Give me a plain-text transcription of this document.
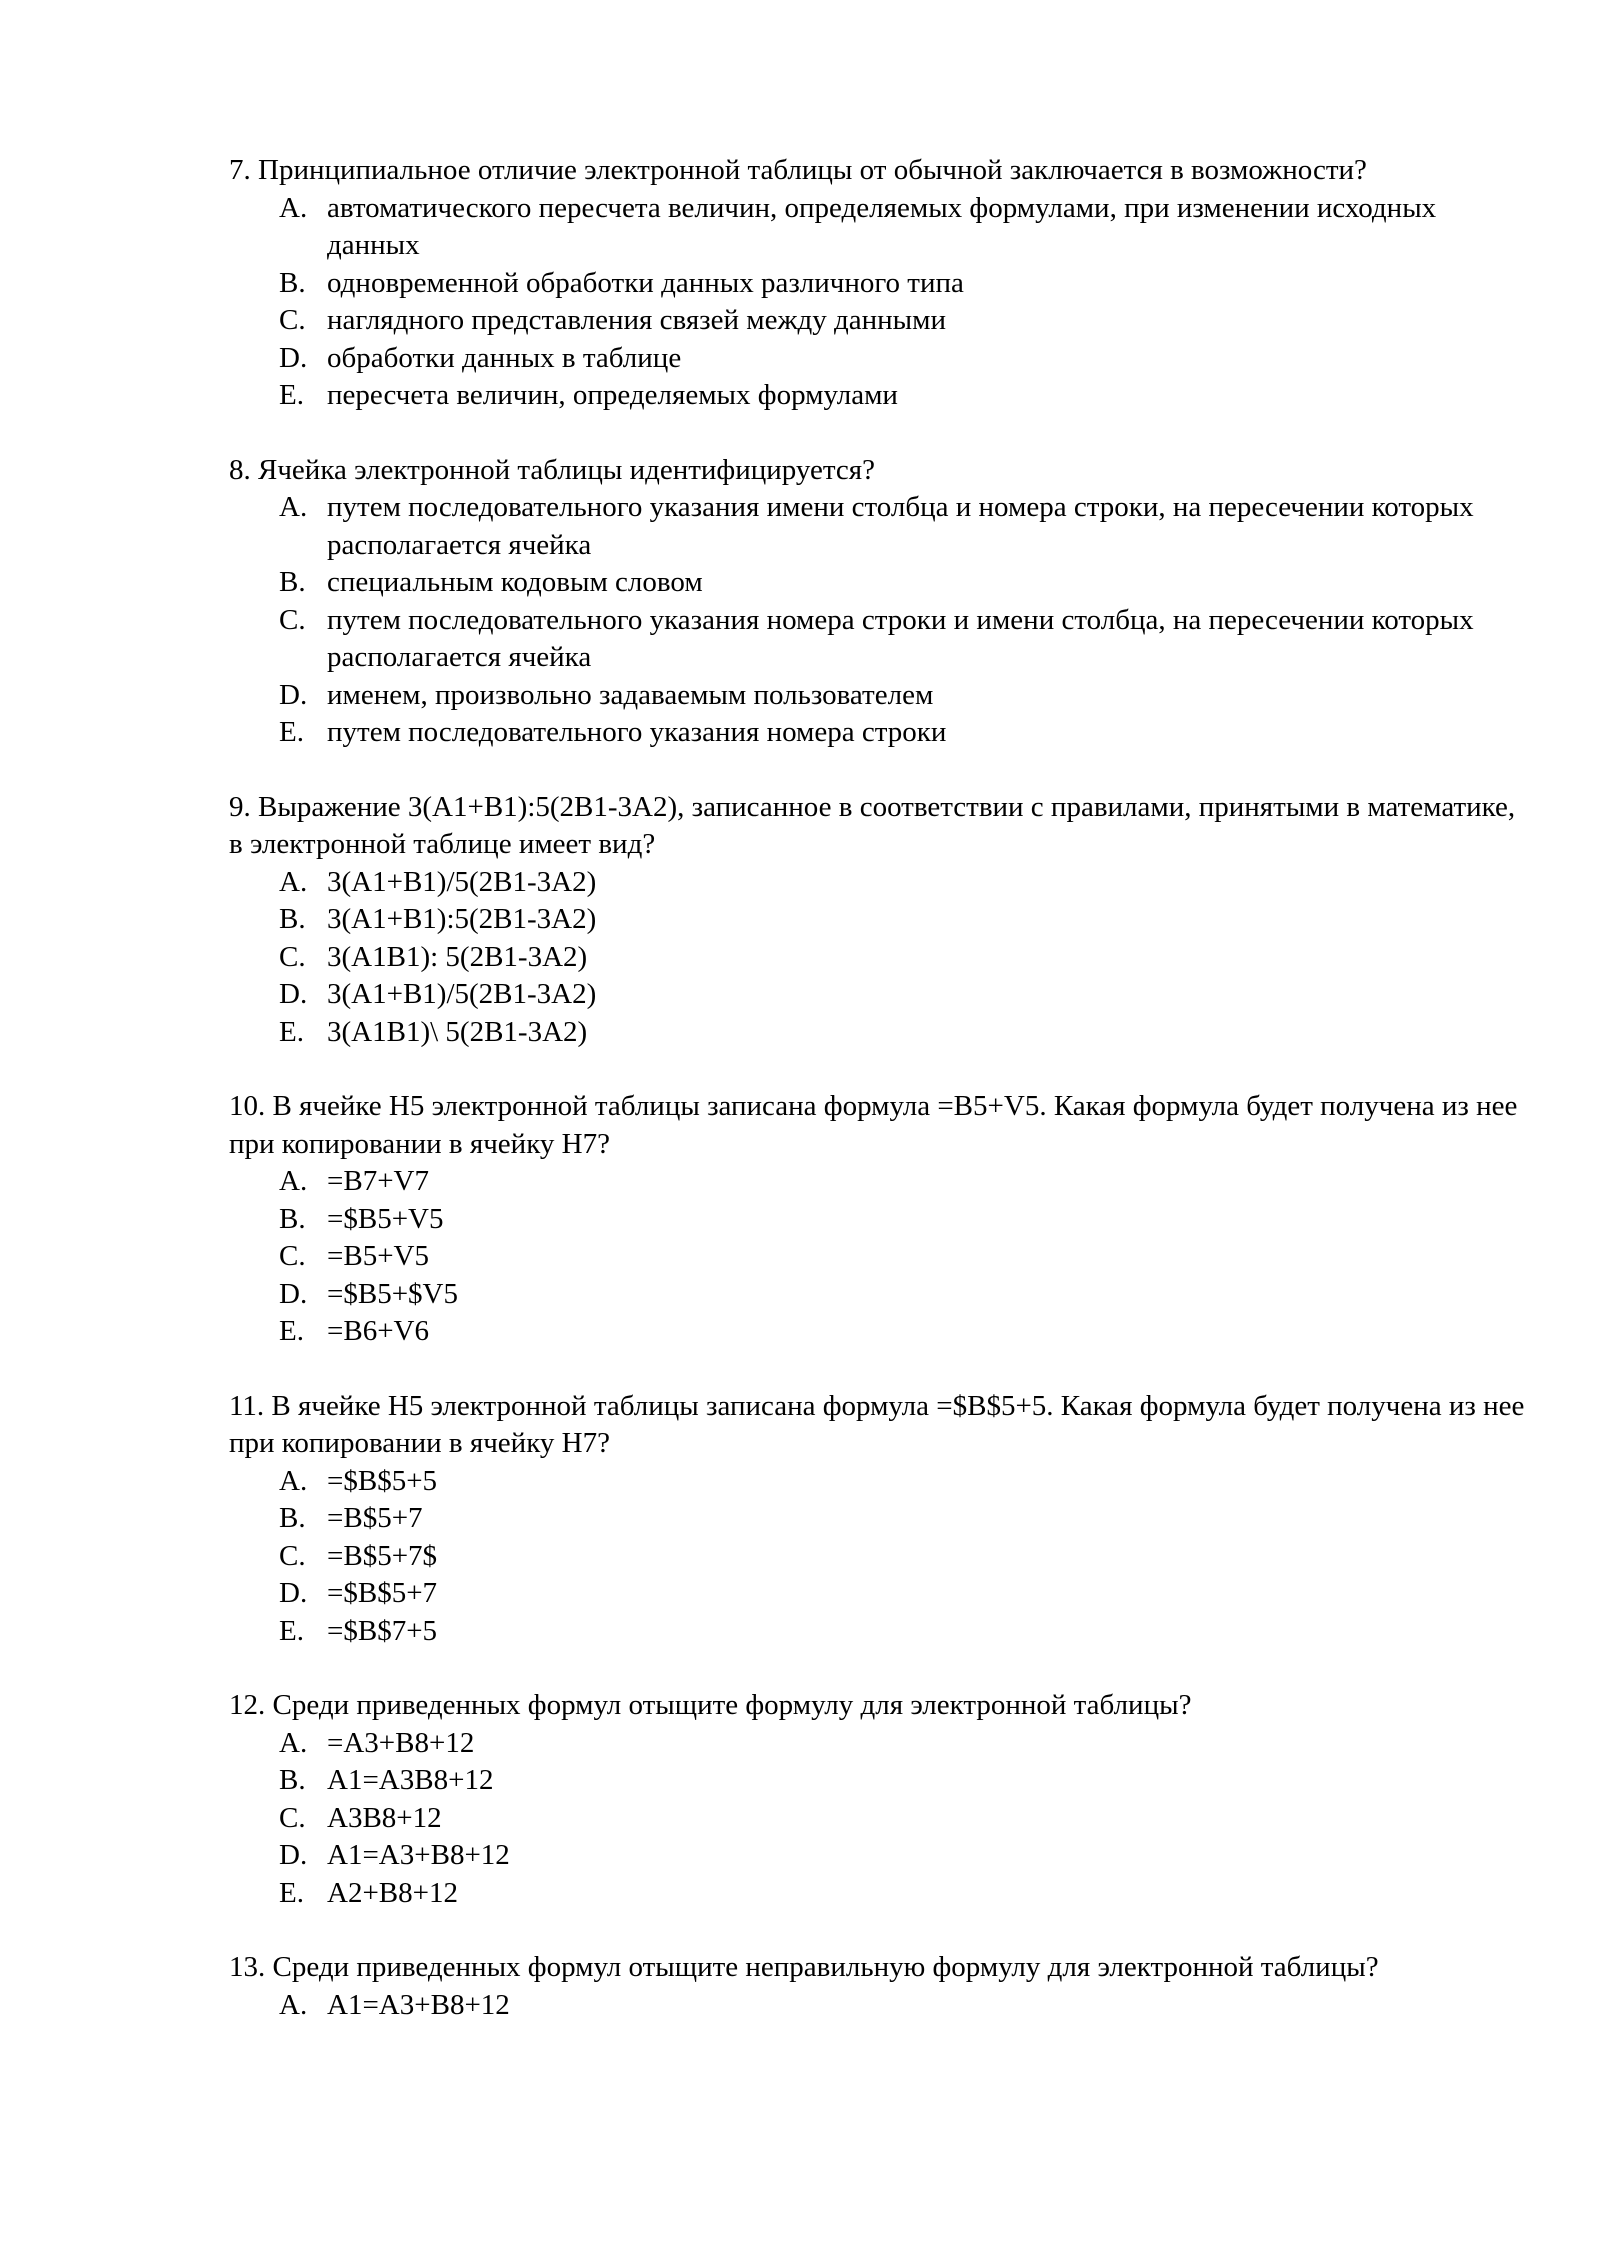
7. Принципиальное отличие электронной таблицы от обычной заключается в возможности?

A. автоматического пересчета величин, определяемых формулами, при изменении исходных данных
B. одновременной обработки данных различного типа
C. наглядного представления связей между данными
D. обработки данных в таблице
E. пересчета величин, определяемых формулами

8. Ячейка электронной таблицы идентифицируется?

A. путем последовательного указания имени столбца и номера строки, на пересечении которых располагается ячейка
B. специальным кодовым словом
C. путем последовательного указания номера строки и имени столбца, на пересечении которых располагается ячейка
D. именем, произвольно задаваемым пользователем
E. путем последовательного указания номера строки

9. Выражение 3(A1+B1):5(2B1-3A2), записанное в соответствии с правилами, принятыми в математике, в электронной таблице имеет вид?

A. 3(A1+B1)/5(2B1-3A2)
B. 3(A1+B1):5(2B1-3A2)
C. 3(A1B1): 5(2B1-3A2)
D. 3(A1+B1)/5(2B1-3A2)
E. 3(A1B1)\ 5(2B1-3A2)

10. В ячейке H5 электронной таблицы записана формула =B5+V5. Какая формула будет получена из нее при копировании в ячейку H7?

A. =B7+V7
B. =$B5+V5
C. =B5+V5
D. =$B5+$V5
E. =B6+V6

11. В ячейке H5 электронной таблицы записана формула =$B$5+5. Какая формула будет получена из нее при копировании в ячейку H7?

A. =$B$5+5
B. =B$5+7
C. =B$5+7$
D. =$B$5+7
E. =$B$7+5

12. Среди приведенных формул отыщите формулу для электронной таблицы?

A. =A3+B8+12
B. A1=A3B8+12
C. A3B8+12
D. A1=A3+B8+12
E. A2+B8+12

13. Среди приведенных формул отыщите неправильную формулу для электронной таблицы?

A. A1=A3+B8+12
